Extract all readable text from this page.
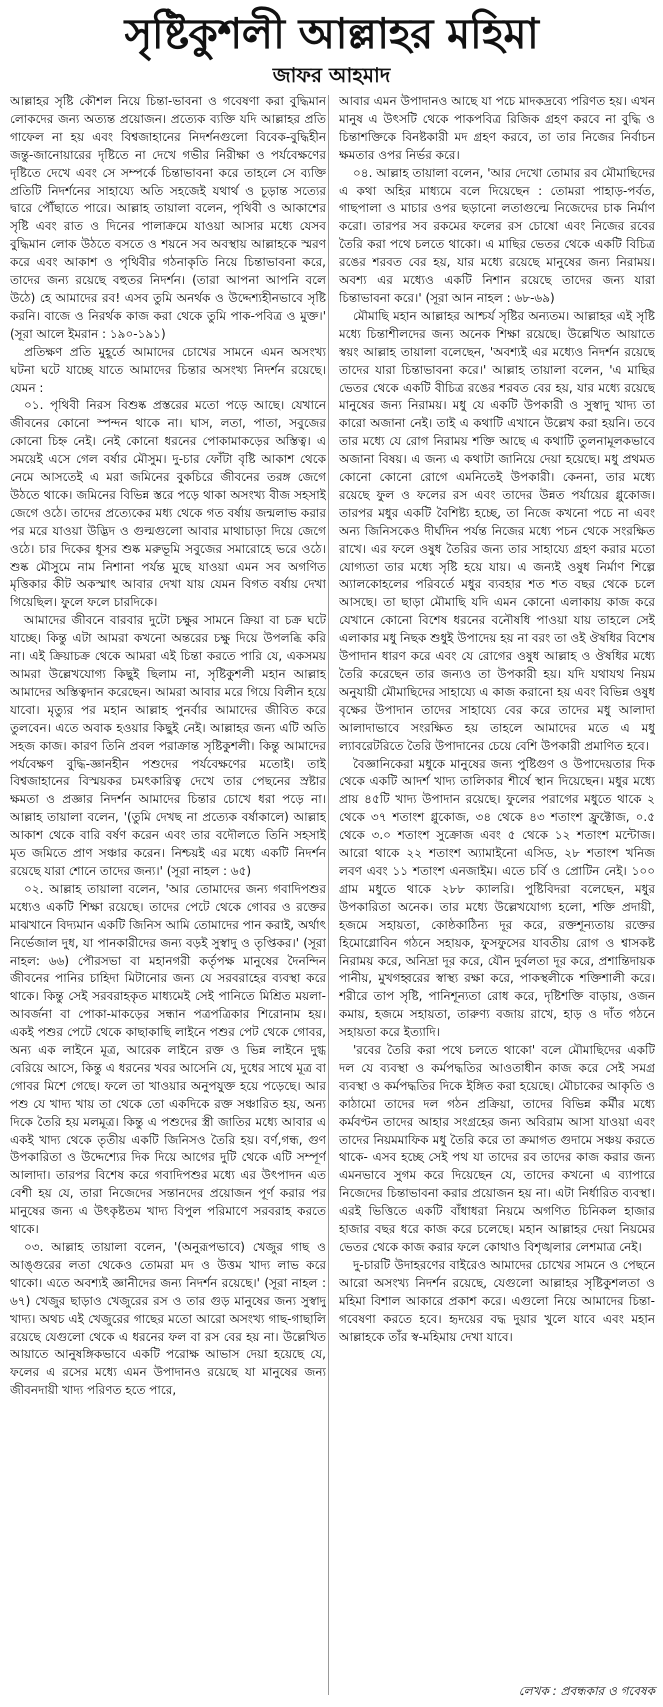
সৃষ্টিকুশলী আল্লাহর মহিমা
জাফর আহমাদ

আল্লাহর সৃষ্টি কৌশল নিয়ে চিন্তা-ভাবনা ও গবেষণা করা বুদ্ধিমান লোকদের জন্য অত্যন্ত প্রয়োজন। প্রত্যেক ব্যক্তি যদি আল্লাহর প্রতি গাফেল না হয় এবং বিশ্বজাহানের নিদর্শনগুলো বিবেক-বুদ্ধিহীন জন্তু-জানোয়ারের দৃষ্টিতে না দেখে গভীর নিরীক্ষা ও পর্যবেক্ষণের দৃষ্টিতে দেখে এবং সে সম্পর্কে চিন্তাভাবনা করে তাহলে সে ব্যক্তি প্রতিটি নিদর্শনের সাহায্যে অতি সহজেই যথার্থ ও চূড়ান্ত সত্যের দ্বারে পৌঁছাতে পারে। আল্লাহ তায়ালা বলেন, পৃথিবী ও আকাশের সৃষ্টি এবং রাত ও দিনের পালাক্রমে যাওয়া আসার মধ্যে যেসব বুদ্ধিমান লোক উঠতে বসতে ও শয়নে সব অবস্থায় আল্লাহকে স্মরণ করে এবং আকাশ ও পৃথিবীর গঠনাকৃতি নিয়ে চিন্তাভাবনা করে, তাদের জন্য রয়েছে বহুতর নিদর্শন। (তারা আপনা আপনি বলে উঠে) হে আমাদের রব! এসব তুমি অনর্থক ও উদ্দেশ্যহীনভাবে সৃষ্টি করনি। বাজে ও নিরর্থক কাজ করা থেকে তুমি পাক-পবিত্র ও মুক্ত।' (সূরা আলে ইমরান : ১৯০-১৯১)

প্রতিক্ষণ প্রতি মুহূর্তে আমাদের চোখের সামনে এমন অসংখ্য ঘটনা ঘটে যাচ্ছে যাতে আমাদের চিন্তার অসংখ্য নিদর্শন রয়েছে। যেমন :

০১. পৃথিবী নিরস বিশুষ্ক প্রস্তরের মতো পড়ে আছে। যেখানে জীবনের কোনো স্পন্দন থাকে না। ঘাস, লতা, পাতা, সবুজের কোনো চিহ্ন নেই। নেই কোনো ধরনের পোকামাকড়ের অস্তিত্ব। এ সময়েই এসে গেল বর্ষার মৌসুম। দু-চার ফোঁটা বৃষ্টি আকাশ থেকে নেমে আসতেই এ মরা জমিনের বুকচিরে জীবনের তরঙ্গ জেগে উঠতে থাকে। জমিনের বিভিন্ন স্তরে পড়ে থাকা অসংখ্য বীজ সহসাই জেগে ওঠে। তাদের প্রত্যেকের মধ্য থেকে গত বর্ষায় জন্মলাভ করার পর মরে যাওয়া উদ্ভিদ ও গুল্মগুলো আবার মাথাচাড়া দিয়ে জেগে ওঠে। চার দিকের ধূসর শুষ্ক মরুভূমি সবুজের সমারোহে ভরে ওঠে। শুষ্ক মৌসুমে নাম নিশানা পর্যন্ত মুছে যাওয়া এমন সব অগণিত মৃত্তিকার কীট অকস্মাৎ আবার দেখা যায় যেমন বিগত বর্ষায় দেখা গিয়েছিল। ফুলে ফলে চারদিকে।

আমাদের জীবনে বারবার দুটো চক্ষুর সামনে ক্রিয়া বা চক্র ঘটে যাচ্ছে। কিন্তু এটা আমরা কখনো অন্তরের চক্ষু দিয়ে উপলব্ধি করি না। এই ক্রিয়াচক্র থেকে আমরা এই চিন্তা করতে পারি যে, একসময় আমরা উল্লেখযোগ্য কিছুই ছিলাম না, সৃষ্টিকুশলী মহান আল্লাহ আমাদের অস্তিত্বদান করেছেন। আমরা আবার মরে গিয়ে বিলীন হয়ে যাবো। মৃত্যুর পর মহান আল্লাহ পুনর্বার আমাদের জীবিত করে তুলবেন। এতে অবাক হওয়ার কিছুই নেই। আল্লাহর জন্য এটি অতি সহজ কাজ। কারণ তিনি প্রবল পরাক্রান্ত সৃষ্টিকুশলী। কিন্তু আমাদের পর্যবেক্ষণ বুদ্ধি-জ্ঞানহীন পশুদের পর্যবেক্ষণের মতোই। তাই বিশ্বজাহানের বিস্ময়কর চমৎকারিত্ব দেখে তার পেছনের স্রষ্টার ক্ষমতা ও প্রজ্ঞার নিদর্শন আমাদের চিন্তার চোখে ধরা পড়ে না। আল্লাহ তায়ালা বলেন, '(তুমি দেখছ না প্রত্যেক বর্ষাকালে) আল্লাহ আকাশ থেকে বারি বর্ষণ করেন এবং তার বদৌলতে তিনি সহসাই মৃত জমিতে প্রাণ সঞ্চার করেন। নিশ্চয়ই এর মধ্যে একটি নিদর্শন রয়েছে যারা শোনে তাদের জন্য।' (সূরা নাহল : ৬৫)

০২. আল্লাহ তায়ালা বলেন, 'আর তোমাদের জন্য গবাদিপশুর মধ্যেও একটি শিক্ষা রয়েছে। তাদের পেটে থেকে গোবর ও রক্তের মাঝখানে বিদ্যমান একটি জিনিস আমি তোমাদের পান করাই, অর্থাৎ নির্ভেজাল দুধ, যা পানকারীদের জন্য বড়ই সুস্বাদু ও তৃপ্তিকর।' (সূরা নাহল: ৬৬) পৌরসভা বা মহানগরী কর্তৃপক্ষ মানুষের দৈনন্দিন জীবনের পানির চাহিদা মিটানোর জন্য যে সরবরাহের ব্যবস্থা করে থাকে। কিন্তু সেই সরবরাহকৃত মাধ্যমেই সেই পানিতে মিশ্রিত ময়লা-আবর্জনা বা পোকা-মাকড়ের সন্ধান পত্রপত্রিকার শিরোনাম হয়। একই পশুর পেটে থেকে কাছাকাছি লাইনে পশুর পেট থেকে গোবর, অন্য এক লাইনে মূত্র, আরেক লাইনে রক্ত ও ভিন্ন লাইনে দুগ্ধ বেরিয়ে আসে, কিন্তু এ ধরনের খবর আসেনি যে, দুধের সাথে মূত্র বা গোবর মিশে গেছে। ফলে তা খাওয়ার অনুপযুক্ত হয়ে পড়েছে। আর পশু যে খাদ্য খায় তা থেকে তো একদিকে রক্ত সঞ্চারিত হয়, অন্য দিকে তৈরি হয় মলমূত্র। কিন্তু এ পশুদের স্ত্রী জাতির মধ্যে আবার এ একই খাদ্য থেকে তৃতীয় একটি জিনিসও তৈরি হয়। বর্ণ,গন্ধ, গুণ উপকারিতা ও উদ্দেশ্যের দিক দিয়ে আগের দুটি থেকে এটি সম্পূর্ণ আলাদা। তারপর বিশেষ করে গবাদিপশুর মধ্যে এর উৎপাদন এত বেশী হয় যে, তারা নিজেদের সন্তানদের প্রয়োজন পূর্ণ করার পর মানুষের জন্য এ উৎকৃষ্টতম খাদ্য বিপুল পরিমাণে সরবরাহ করতে থাকে।

০৩. আল্লাহ তায়ালা বলেন, '(অনুরূপভাবে) খেজুর গাছ ও আঙ্গুরের লতা থেকেও তোমরা মদ ও উত্তম খাদ্য লাভ করে থাকো। এতে অবশ্যই জ্ঞানীদের জন্য নিদর্শন রয়েছে।' (সূরা নাহল : ৬৭) খেজুর ছাড়াও খেজুরের রস ও তার গুড় মানুষের জন্য সুস্বাদু খাদ্য। অথচ এই খেজুরের গাছের মতো আরো অসংখ্য গাছ-গাছালি রয়েছে যেগুলো থেকে এ ধরনের ফল বা রস বের হয় না। উল্লেখিত আয়াতে আনুষঙ্গিকভাবে একটি পরোক্ষ আভাস দেয়া হয়েছে যে, ফলের এ রসের মধ্যে এমন উপাদানও রয়েছে যা মানুষের জন্য জীবনদায়ী খাদ্য পরিণত হতে পারে,

আবার এমন উপাদানও আছে যা পচে মাদকদ্রব্যে পরিণত হয়। এখন মানুষ এ উৎসটি থেকে পাকপবিত্র রিজিক গ্রহণ করবে না বুদ্ধি ও চিন্তাশক্তিকে বিনষ্টকারী মদ গ্রহণ করবে, তা তার নিজের নির্বাচন ক্ষমতার ওপর নির্ভর করে।

০৪. আল্লাহ তায়ালা বলেন, 'আর দেখো তোমার রব মৌমাছিদের এ কথা অহির মাধ্যমে বলে দিয়েছেন : তোমরা পাহাড়-পর্বত, গাছপালা ও মাচার ওপর ছড়ানো লতাগুল্মে নিজেদের চাক নির্মাণ করো। তারপর সব রকমের ফলের রস চোষো এবং নিজের রবের তৈরি করা পথে চলতে থাকো। এ মাছির ভেতর থেকে একটি বিচিত্র রঙের শরবত বের হয়, যার মধ্যে রয়েছে মানুষের জন্য নিরাময়। অবশ্য এর মধ্যেও একটি নিশান রয়েছে তাদের জন্য যারা চিন্তাভাবনা করে।' (সূরা আন নাহল : ৬৮-৬৯)

মৌমাছি মহান আল্লাহর আশ্চর্য সৃষ্টির অন্যতম। আল্লাহর এই সৃষ্টি মধ্যে চিন্তাশীলদের জন্য অনেক শিক্ষা রয়েছে। উল্লেখিত আয়াতে স্বয়ং আল্লাহ তায়ালা বলেছেন, 'অবশ্যই এর মধ্যেও নিদর্শন রয়েছে তাদের যারা চিন্তাভাবনা করে।' আল্লাহ তায়ালা বলেন, 'এ মাছির ভেতর থেকে একটি বীচিত্র রঙের শরবত বের হয়, যার মধ্যে রয়েছে মানুষের জন্য নিরাময়। মধু যে একটি উপকারী ও সুস্বাদু খাদ্য তা কারো অজানা নেই। তাই এ কথাটি এখানে উল্লেখ করা হয়নি। তবে তার মধ্যে যে রোগ নিরাময় শক্তি আছে এ কথাটি তুলনামূলকভাবে অজানা বিষয়। এ জন্য এ কথাটা জানিয়ে দেয়া হয়েছে। মধু প্রথমত কোনো কোনো রোগে এমনিতেই উপকারী। কেননা, তার মধ্যে রয়েছে ফুল ও ফলের রস এবং তাদের উন্নত পর্যায়ের গ্লুকোজ। তারপর মধুর একটি বৈশিষ্ট্য হচ্ছে, তা নিজে কখনো পচে না এবং অন্য জিনিসকেও দীর্ঘদিন পর্যন্ত নিজের মধ্যে পচন থেকে সংরক্ষিত রাখে। এর ফলে ওষুধ তৈরির জন্য তার সাহায্যে গ্রহণ করার মতো যোগ্যতা তার মধ্যে সৃষ্টি হয়ে যায়। এ জন্যই ওষুধ নির্মাণ শিল্পে অ্যালকোহলের পরিবর্তে মধুর ব্যবহার শত শত বছর থেকে চলে আসছে। তা ছাড়া মৌমাছি যদি এমন কোনো এলাকায় কাজ করে যেখানে কোনো বিশেষ ধরনের বনৌষধি পাওয়া যায় তাহলে সেই এলাকার মধু নিছক শুধুই উপাদেয় হয় না বরং তা ওই ঔষধির বিশেষ উপাদান ধারণ করে এবং যে রোগের ওষুধ আল্লাহ ও ঔষধির মধ্যে তৈরি করেছেন তার জন্যও তা উপকারী হয়। যদি যথাযথ নিয়ম অনুযায়ী মৌমাছিদের সাহায্যে এ কাজ করানো হয় এবং বিভিন্ন ওষুধ বৃক্ষের উপাদান তাদের সাহায্যে বের করে তাদের মধু আলাদা আলাদাভাবে সংরক্ষিত হয় তাহলে আমাদের মতে এ মধু ল্যাবরেটরিতে তৈরি উপাদানের চেয়ে বেশি উপকারী প্রমাণিত হবে।

বৈজ্ঞানিকেরা মধুকে মানুষের জন্য পুষ্টিগুণ ও উপাদেয়তার দিক থেকে একটি আদর্শ খাদ্য তালিকার শীর্ষে স্থান দিয়েছেন। মধুর মধ্যে প্রায় ৪৫টি খাদ্য উপাদান রয়েছে। ফুলের পরাগের মধুতে থাকে ২ থেকে ৩৭ শতাংশ গ্লুকোজ, ৩৪ থেকে ৪৩ শতাংশ ফ্রুক্টোজ, ০.৫ থেকে ৩.০ শতাংশ সুক্রোজ এবং ৫ থেকে ১২ শতাংশ মন্টোজ। আরো থাকে ২২ শতাংশ অ্যামাইনো এসিড, ২৮ শতাংশ খনিজ লবণ এবং ১১ শতাংশ এনজাইম। এতে চর্বি ও প্রোটিন নেই। ১০০ গ্রাম মধুতে থাকে ২৮৮ ক্যালরি। পুষ্টিবিদরা বলেছেন, মধুর উপকারিতা অনেক। তার মধ্যে উল্লেখযোগ্য হলো, শক্তি প্রদায়ী, হজমে সহায়তা, কোষ্ঠকাঠিন্য দূর করে, রক্তশূন্যতায় রক্তের হিমোগ্লোবিন গঠনে সহায়ক, ফুসফুসের যাবতীয় রোগ ও শ্বাসকষ্ট নিরাময় করে, অনিদ্রা দূর করে, যৌন দুর্বলতা দূর করে, প্রশান্তিদায়ক পানীয়, মুখগহ্বরের স্বাস্থ্য রক্ষা করে, পাকস্থলীকে শক্তিশালী করে। শরীরে তাপ সৃষ্টি, পানিশূন্যতা রোধ করে, দৃষ্টিশক্তি বাড়ায়, ওজন কমায়, হজমে সহায়তা, তারুণ্য বজায় রাখে, হাড় ও দাঁত গঠনে সহায়তা করে ইত্যাদি।

'রবের তৈরি করা পথে চলতে থাকো' বলে মৌমাছিদের একটি দল যে ব্যবস্থা ও কর্মপদ্ধতির আওতাধীন কাজ করে সেই সমগ্র ব্যবস্থা ও কর্মপদ্ধতির দিকে ইঙ্গিত করা হয়েছে। মৌচাকের আকৃতি ও কাঠামো তাদের দল গঠন প্রক্রিয়া, তাদের বিভিন্ন কর্মীর মধ্যে কর্মবণ্টন তাদের আহার সংগ্রহের জন্য অবিরাম আসা যাওয়া এবং তাদের নিয়মমাফিক মধু তৈরি করে তা ক্রমাগত গুদামে সঞ্চয় করতে থাকে- এসব হচ্ছে সেই পথ যা তাদের রব তাদের কাজ করার জন্য এমনভাবে সুগম করে দিয়েছেন যে, তাদের কখনো এ ব্যাপারে নিজেদের চিন্তাভাবনা করার প্রয়োজন হয় না। এটা নির্ধারিত ব্যবস্থা। এরই ভিত্তিতে একটি বাঁধাধরা নিয়মে অগণিত চিনিকল হাজার হাজার বছর ধরে কাজ করে চলেছে। মহান আল্লাহর দেয়া নিয়মের ভেতর থেকে কাজ করার ফলে কোথাও বিশৃঙ্খলার লেশমাত্র নেই।

দু-চারটি উদাহরণের বাইরেও আমাদের চোখের সামনে ও পেছনে আরো অসংখ্য নিদর্শন রয়েছে, যেগুলো আল্লাহর সৃষ্টিকুশলতা ও মহিমা বিশাল আকারে প্রকাশ করে। এগুলো নিয়ে আমাদের চিন্তা-গবেষণা করতে হবে। হৃদয়ের বদ্ধ দুয়ার খুলে যাবে এবং মহান আল্লাহকে তাঁর স্ব-মহিমায় দেখা যাবে।

লেখক : প্রবন্ধকার ও গবেষক
